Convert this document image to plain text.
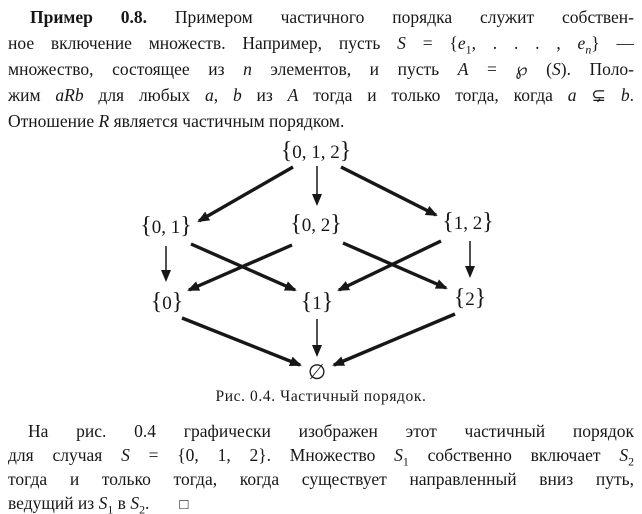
Пример 0.8. Примером частичного порядка служит собствен-
ное включение множеств. Например, пусть $S = \{e_1$, . . . , $e_n$} —
множество, состоящее из n элементов, и пусть A = ℘ (S). Поло-
жим aRb для любых a, b из A тогда и только тогда, когда a ⊊ b.
Отношение R является частичным порядком.
{0, 1, 2}
{0, 1}	{0, 2}	{1, 2}
{0}	{1}	{2}
∅
Рис. 0.4. Частичный порядок.
На рис. 0.4 графически изображен этот частичный порядок
для случая S = {0, 1, 2}. Множество $S_1$ собственно включает $S_2$
тогда и только тогда, когда существует направленный вниз путь,
ведущий из $S_1$ в $S_2$. □
